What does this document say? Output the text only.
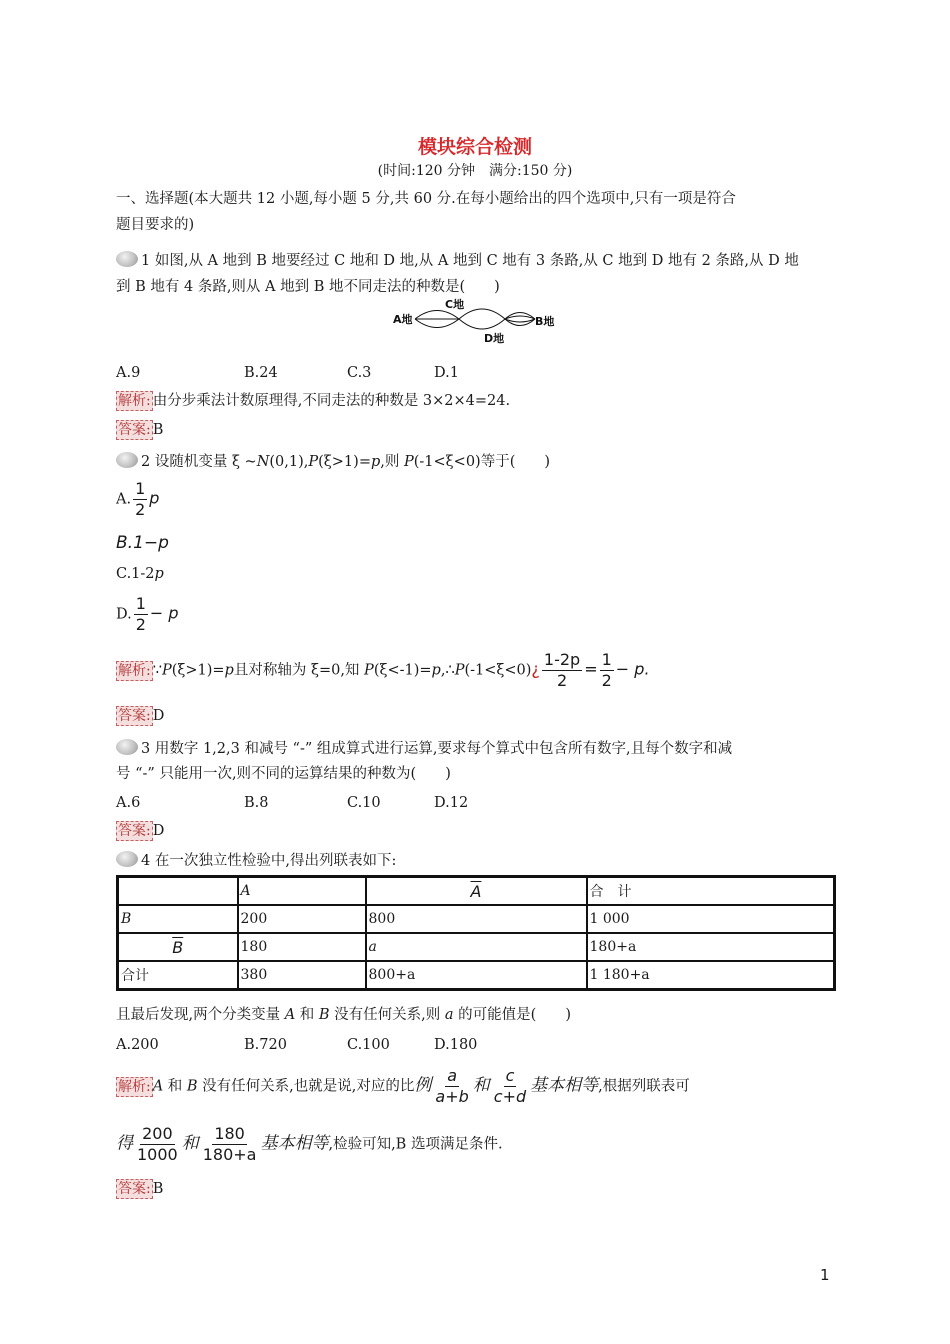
模块综合检测
(时间:120 分钟　满分:150 分)
一、选择题(本大题共 12 小题,每小题 5 分,共 60 分.在每小题给出的四个选项中,只有一项是符合
题目要求的)
1 如图,从 A 地到 B 地要经过 C 地和 D 地,从 A 地到 C 地有 3 条路,从 C 地到 D 地有 2 条路,从 D 地
到 B 地有 4 条路,则从 A 地到 B 地不同走法的种数是(　　)
A地	B地
C地
D地
A.9	B.24	C.3	D.1
解析: 由分步乘法计数原理得,不同走法的种数是 3×2×4=24.
答案: B
2 设随机变量 ξ ~N(0,1),P(ξ>1)=p,则 P(-1<ξ<0)等于(　　)
A. $\frac{1}{2}$ p
B.1−p
C.1-2p
D. $\frac{1}{2} - p$
解析: ∵P(ξ>1)=p且对称轴为 ξ=0,知 P(ξ<-1)=p,∴P(-1<ξ<0)¿ $\frac{1-2p}{2} = \frac{1}{2} - p$.
答案: D
3 用数字 1,2,3 和减号 “-” 组成算式进行运算,要求每个算式中包含所有数字,且每个数字和减
号 “-” 只能用一次,则不同的运算结果的种数为(　　)
A.6	B.8	C.10	D.12
答案: D
4 在一次独立性检验中,得出列联表如下:
	A	$\overline{A}$	合　计
B	200	800	1 000
$\overline{B}$	180	a	180+a
合计	380	800+a	1 180+a
且最后发现,两个分类变量 A 和 B 没有任何关系,则 a 的可能值是(　　)
A.200	B.720	C.100	D.180
解析: A 和 B 没有任何关系,也就是说,对应的比例 $\frac{a}{a+b}$ 和 $\frac{c}{c+d}$ 基本相等,根据列联表可
得 $\frac{200}{1000}$ 和 $\frac{180}{180+a}$ 基本相等,检验可知,B 选项满足条件.
答案: B
1
